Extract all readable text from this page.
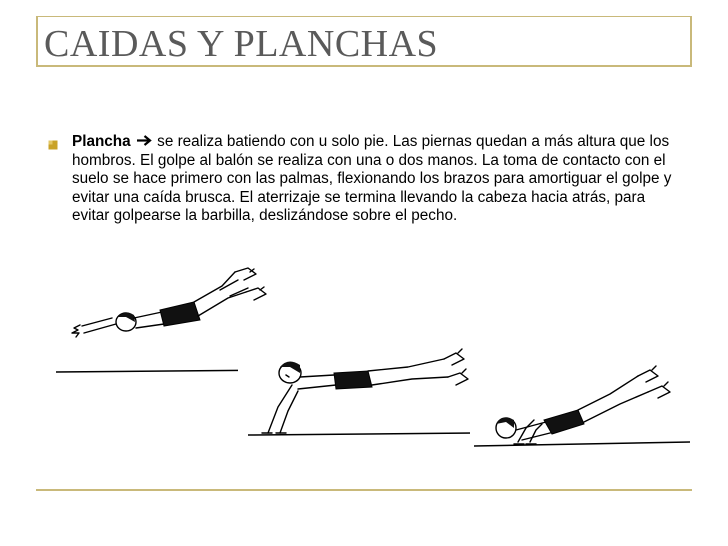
CAIDAS Y PLANCHAS
Plancha  se realiza batiendo con u solo pie. Las piernas quedan a más altura que los hombros. El golpe al balón se realiza con una o dos manos. La toma de contacto con el suelo se hace primero con las palmas, flexionando los brazos para amortiguar el golpe y evitar una caída brusca. El aterrizaje se termina llevando la cabeza hacia atrás, para evitar golpearse la barbilla, deslizándose sobre el pecho.
